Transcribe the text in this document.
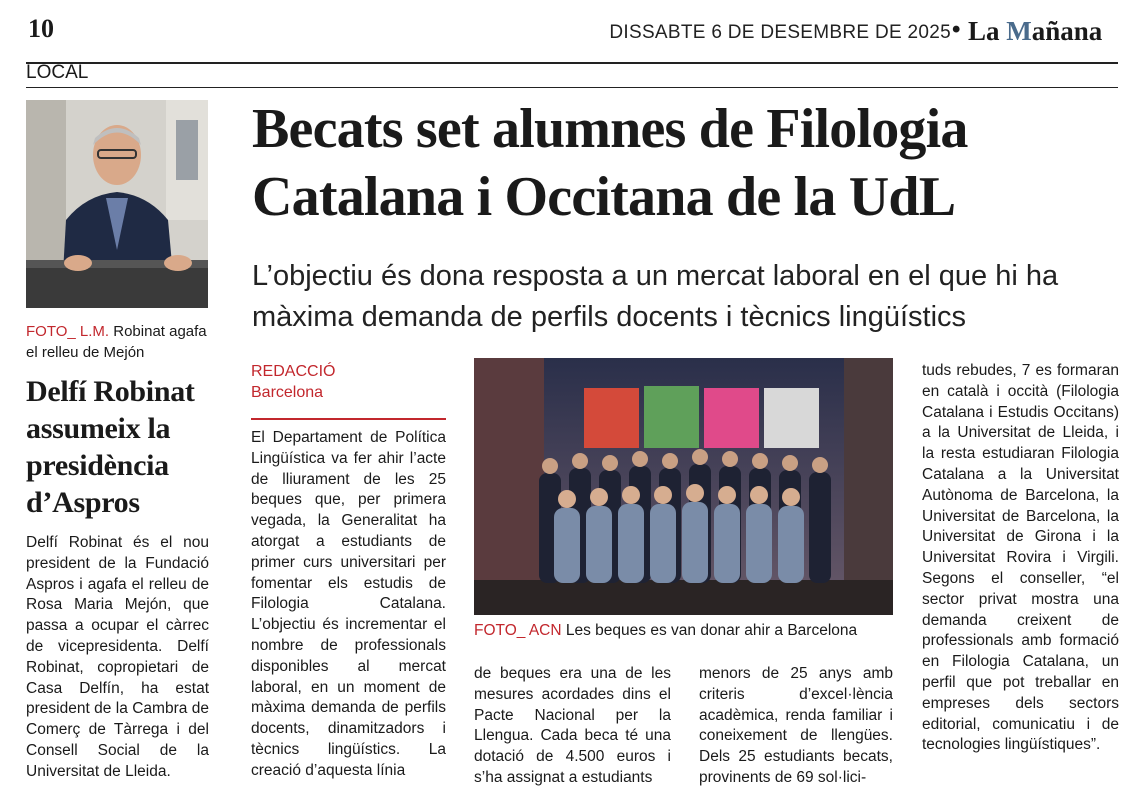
10	DISSABTE 6 DE DESEMBRE DE 2025 • La Mañana
LOCAL
FOTO_ L.M. Robinat agafa el relleu de Mejón
Delfí Robinat assumeix la presidència d’Aspros
Delfí Robinat és el nou president de la Fundació Aspros i agafa el relleu de Rosa Maria Mejón, que passa a ocupar el càrrec de vicepresidenta. Delfí Robinat, copropietari de Casa Delfín, ha estat president de la Cambra de Comerç de Tàrrega i del Consell Social de la Universitat de Lleida.
Becats set alumnes de Filologia Catalana i Occitana de la UdL
L’objectiu és dona resposta a un mercat laboral en el que hi ha màxima demanda de perfils docents i tècnics lingüístics
REDACCIÓ
Barcelona
El Departament de Política Lingüística va fer ahir l’acte de lliurament de les 25 beques que, per primera vegada, la Generalitat ha atorgat a estudiants de primer curs universitari per fomentar els estudis de Filologia Catalana. L’objectiu és incrementar el nombre de professionals disponibles al mercat laboral, en un moment de màxima demanda de perfils docents, dinamitzadors i tècnics lingüístics. La creació d’aquesta línia
FOTO_ ACN Les beques es van donar ahir a Barcelona
de beques era una de les mesures acordades dins el Pacte Nacional per la Llengua. Cada beca té una dotació de 4.500 euros i s’ha assignat a estudiants
menors de 25 anys amb criteris d’excel·lència acadèmica, renda familiar i coneixement de llengües. Dels 25 estudiants becats, provinents de 69 sol·lici-
tuds rebudes, 7 es formaran en català i occità (Filologia Catalana i Estudis Occitans) a la Universitat de Lleida, i la resta estudiaran Filologia Catalana a la Universitat Autònoma de Barcelona, la Universitat de Barcelona, la Universitat de Girona i la Universitat Rovira i Virgili. Segons el conseller, “el sector privat mostra una demanda creixent de professionals amb formació en Filologia Catalana, un perfil que pot treballar en empreses dels sectors editorial, comunicatiu i de tecnologies lingüístiques”.
